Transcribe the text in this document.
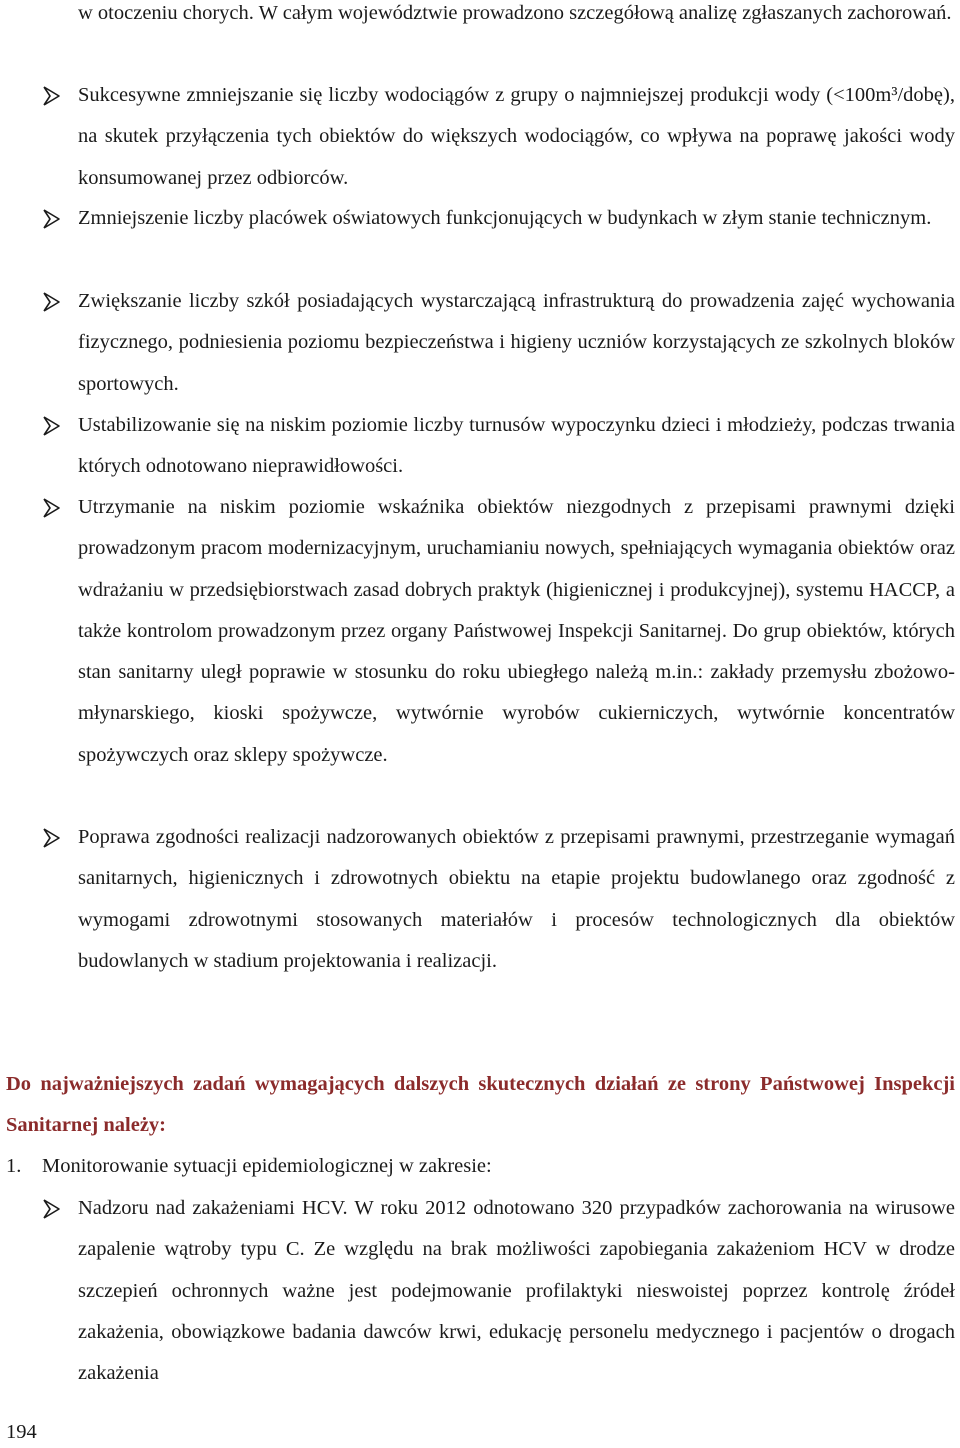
w otoczeniu chorych. W całym województwie prowadzono szczegółową analizę zgłaszanych zachorowań.

Sukcesywne zmniejszanie się liczby wodociągów z grupy o najmniejszej produkcji wody (<100m³/dobę), na skutek przyłączenia tych obiektów do większych wodociągów, co wpływa na poprawę jakości wody konsumowanej przez odbiorców.

Zmniejszenie liczby placówek oświatowych funkcjonujących w budynkach w złym stanie technicznym.

Zwiększanie liczby szkół posiadających wystarczającą infrastrukturą do prowadzenia zajęć wychowania fizycznego, podniesienia poziomu bezpieczeństwa i higieny uczniów korzystających ze szkolnych bloków sportowych.

Ustabilizowanie się na niskim poziomie liczby turnusów wypoczynku dzieci i młodzieży, podczas trwania których odnotowano nieprawidłowości.

Utrzymanie na niskim poziomie wskaźnika obiektów niezgodnych z przepisami prawnymi dzięki prowadzonym pracom modernizacyjnym, uruchamianiu nowych, spełniających wymagania obiektów oraz wdrażaniu w przedsiębiorstwach zasad dobrych praktyk (higienicznej i produkcyjnej), systemu HACCP, a także kontrolom prowadzonym przez organy Państwowej Inspekcji Sanitarnej. Do grup obiektów, których stan sanitarny uległ poprawie w stosunku do roku ubiegłego należą m.in.: zakłady przemysłu zbożowo-młynarskiego, kioski spożywcze, wytwórnie wyrobów cukierniczych, wytwórnie koncentratów spożywczych oraz sklepy spożywcze.

Poprawa zgodności realizacji nadzorowanych obiektów z przepisami prawnymi, przestrzeganie wymagań sanitarnych, higienicznych i zdrowotnych obiektu na etapie projektu budowlanego oraz zgodność z wymogami zdrowotnymi stosowanych materiałów i procesów technologicznych dla obiektów budowlanych w stadium projektowania i realizacji.

Do najważniejszych zadań wymagających dalszych skutecznych działań ze strony Państwowej Inspekcji Sanitarnej należy:

1. Monitorowanie sytuacji epidemiologicznej w zakresie:

Nadzoru nad zakażeniami HCV. W roku 2012 odnotowano 320 przypadków zachorowania na wirusowe zapalenie wątroby typu C. Ze względu na brak możliwości zapobiegania zakażeniom HCV w drodze szczepień ochronnych ważne jest podejmowanie profilaktyki nieswoistej poprzez kontrolę źródeł zakażenia, obowiązkowe badania dawców krwi, edukację personelu medycznego i pacjentów o drogach zakażenia

194
